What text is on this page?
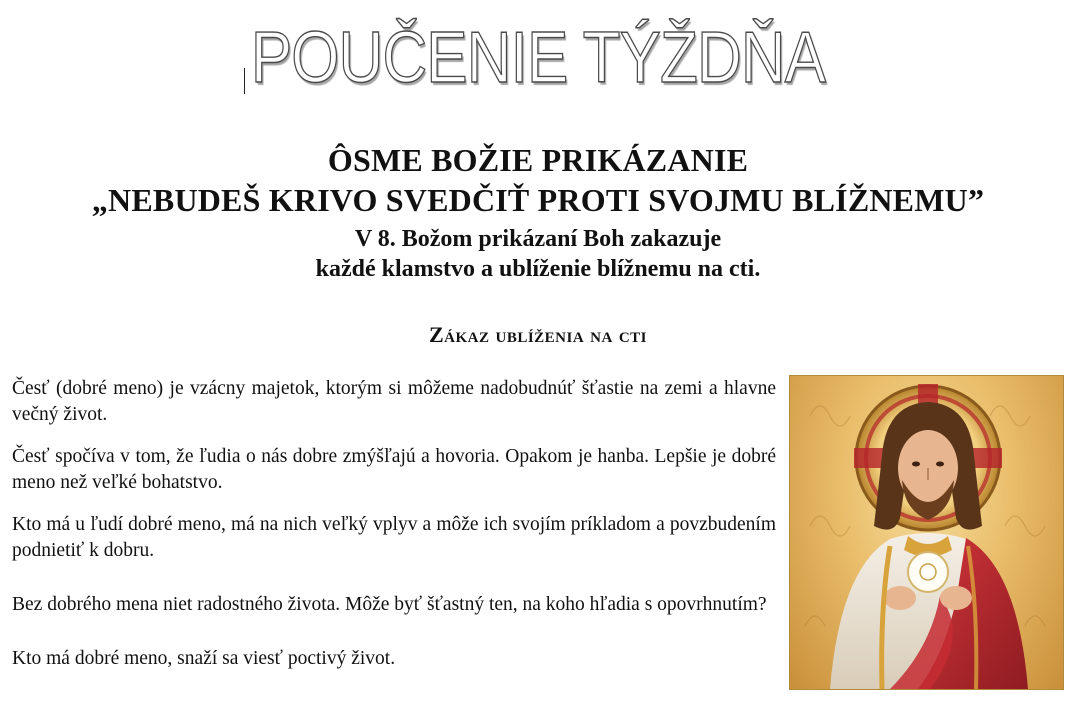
POUČENIE TÝŽDŇA

ÔSME BOŽIE PRIKÁZANIE

„NEBUDEŠ KRIVO SVEDČIŤ PROTI SVOJMU BLÍŽNEMU”

V 8. Božom prikázaní Boh zakazuje

každé klamstvo a ublíženie blížnemu na cti.

Zákaz ublíženia na cti

Česť (dobré meno) je vzácny majetok, ktorým si môžeme nadobudnúť šťastie na zemi a hlavne večný život.

Česť spočíva v tom, že ľudia o nás dobre zmýšľajú a hovoria. Opakom je hanba. Lepšie je dobré meno než veľké bohatstvo.

Kto má u ľudí dobré meno, má na nich veľký vplyv a môže ich svojím príkladom a povzbudením podnietiť k dobru.

Bez dobrého mena niet radostného života. Môže byť šťastný ten, na koho hľadia s opovrhnutím?

Kto má dobré meno, snaží sa viesť poctivý život.
